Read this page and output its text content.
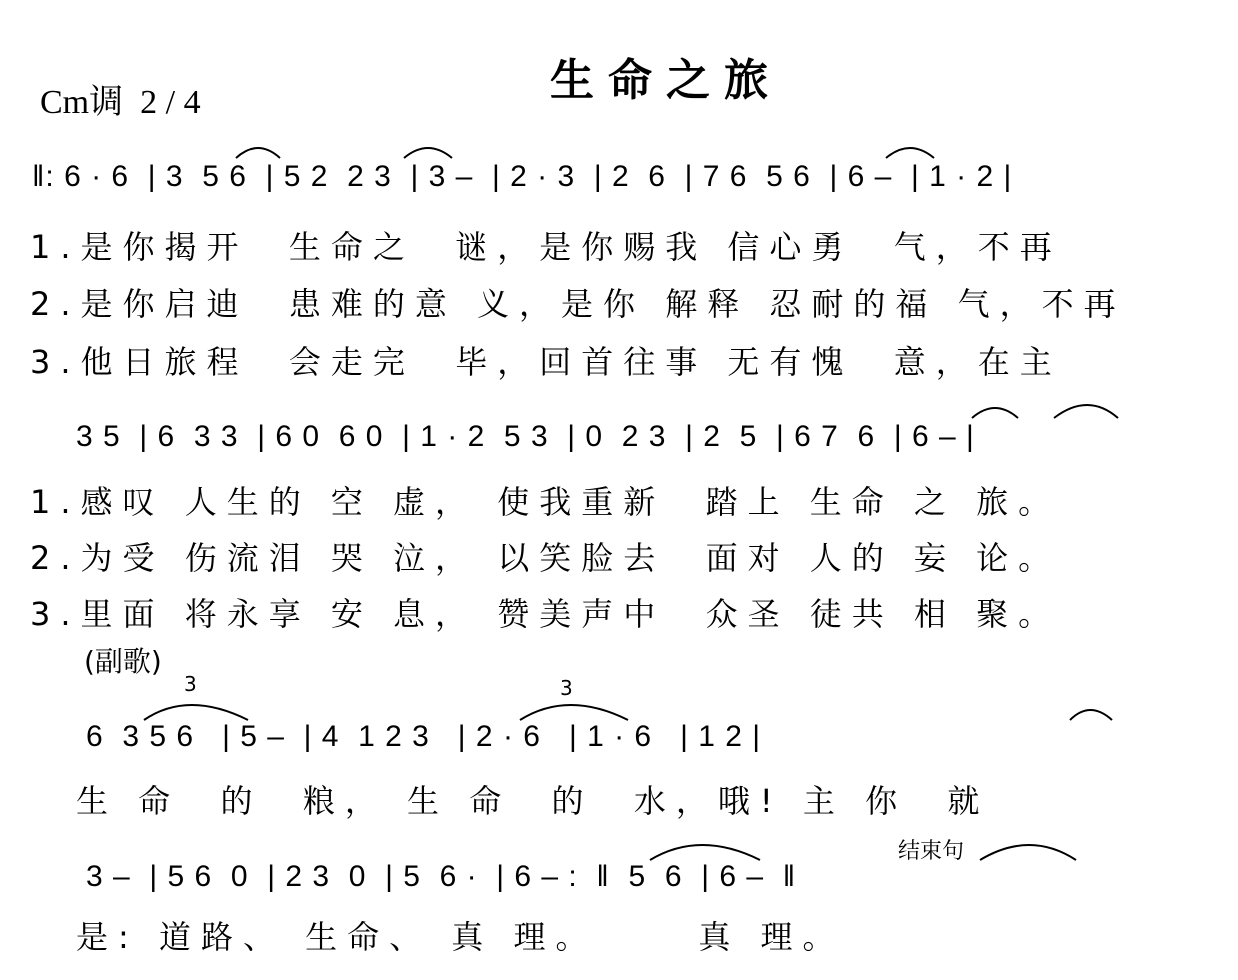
Cm调  2 / 4	生命之旅
‖: 6 · 6  | 3  5 6  | 5 2  2 3  | 3 –  | 2 · 3  | 2  6  | 7 6  5 6  | 6 –  | 1 · 2 |
1.是你揭开  生命之  谜，是你赐我 信心勇  气，不再
2.是你启迪  患难的意 义，是你 解释 忍耐的福 气，不再
3.他日旅程  会走完  毕，回首往事 无有愧  意，在主
3 5  | 6  3 3  | 6 0  6 0  | 1 · 2  5 3  | 0  2 3  | 2  5  | 6 7  6  | 6 – |
1.感叹 人生的 空 虚， 使我重新  踏上 生命 之 旅。
2.为受 伤流泪 哭 泣， 以笑脸去  面对 人的 妄 论。
3.里面 将永享 安 息， 赞美声中  众圣 徒共 相 聚。
(副歌)
3	3
6  3 5 6   | 5 –  | 4  1 2 3   | 2 · 6   | 1 · 6   | 1 2 |
生 命  的  粮， 生 命  的  水，哦! 主 你  就
结束句
3 –  | 5 6  0  | 2 3  0  | 5  6 ·  | 6 – :  ‖  5  6  | 6 –  ‖
是: 道路、 生命、 真 理。     真 理。
